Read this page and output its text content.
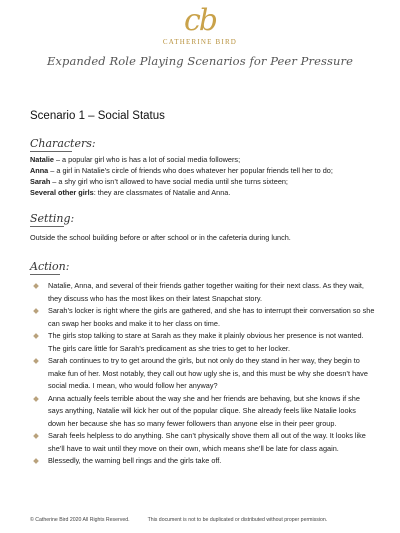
cb
CATHERINE BIRD
Expanded Role Playing Scenarios for Peer Pressure
Scenario 1 – Social Status
Characters:
Natalie – a popular girl who is has a lot of social media followers;
Anna – a girl in Natalie’s circle of friends who does whatever her popular friends tell her to do;
Sarah – a shy girl who isn’t allowed to have social media until she turns sixteen;
Several other girls: they are classmates of Natalie and Anna.
Setting:
Outside the school building before or after school or in the cafeteria during lunch.
Action:
Natalie, Anna, and several of their friends gather together waiting for their next class. As they wait, they discuss who has the most likes on their latest Snapchat story.
Sarah’s locker is right where the girls are gathered, and she has to interrupt their conversation so she can swap her books and make it to her class on time.
The girls stop talking to stare at Sarah as they make it plainly obvious her presence is not wanted. The girls care little for Sarah’s predicament as she tries to get to her locker.
Sarah continues to try to get around the girls, but not only do they stand in her way, they begin to make fun of her. Most notably, they call out how ugly she is, and this must be why she doesn’t have social media. I mean, who would follow her anyway?
Anna actually feels terrible about the way she and her friends are behaving, but she knows if she says anything, Natalie will kick her out of the popular clique. She already feels like Natalie looks down her because she has so many fewer followers than anyone else in their peer group.
Sarah feels helpless to do anything. She can’t physically shove them all out of the way. It looks like she’ll have to wait until they move on their own, which means she’ll be late for class again.
Blessedly, the warning bell rings and the girls take off.
© Catherine Bird 2020 All Rights Reserved.	This document is not to be duplicated or distributed without proper permission.
